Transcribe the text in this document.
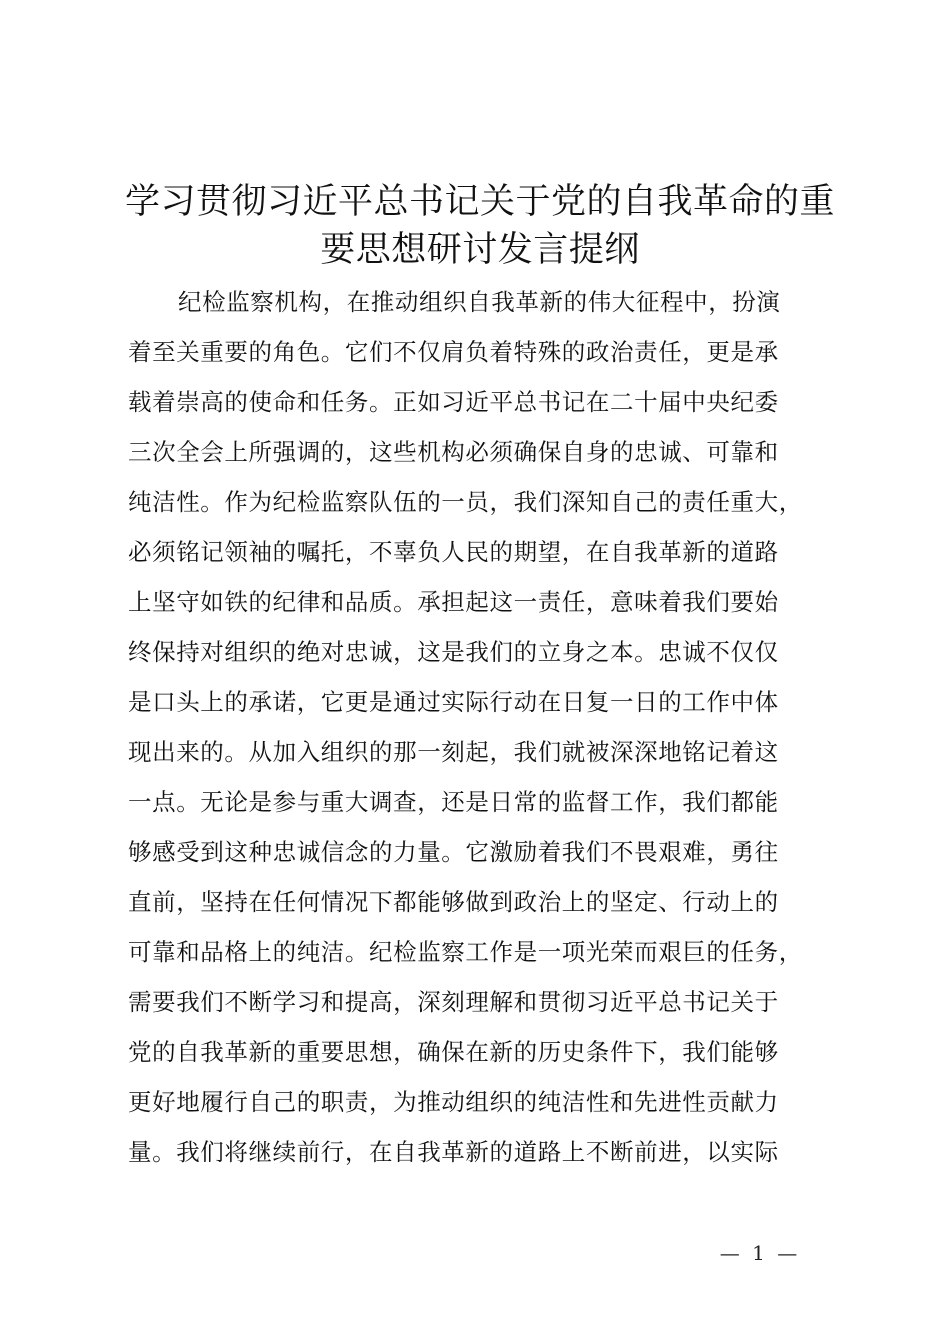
学习贯彻习近平总书记关于党的自我革命的重
要思想研讨发言提纲
纪检监察机构，在推动组织自我革新的伟大征程中，扮演
着至关重要的角色。它们不仅肩负着特殊的政治责任，更是承
载着崇高的使命和任务。正如习近平总书记在二十届中央纪委
三次全会上所强调的，这些机构必须确保自身的忠诚、可靠和
纯洁性。作为纪检监察队伍的一员，我们深知自己的责任重大，
必须铭记领袖的嘱托，不辜负人民的期望，在自我革新的道路
上坚守如铁的纪律和品质。承担起这一责任，意味着我们要始
终保持对组织的绝对忠诚，这是我们的立身之本。忠诚不仅仅
是口头上的承诺，它更是通过实际行动在日复一日的工作中体
现出来的。从加入组织的那一刻起，我们就被深深地铭记着这
一点。无论是参与重大调查，还是日常的监督工作，我们都能
够感受到这种忠诚信念的力量。它激励着我们不畏艰难，勇往
直前，坚持在任何情况下都能够做到政治上的坚定、行动上的
可靠和品格上的纯洁。纪检监察工作是一项光荣而艰巨的任务，
需要我们不断学习和提高，深刻理解和贯彻习近平总书记关于
党的自我革新的重要思想，确保在新的历史条件下，我们能够
更好地履行自己的职责，为推动组织的纯洁性和先进性贡献力
量。我们将继续前行，在自我革新的道路上不断前进，以实际
— 1 —
